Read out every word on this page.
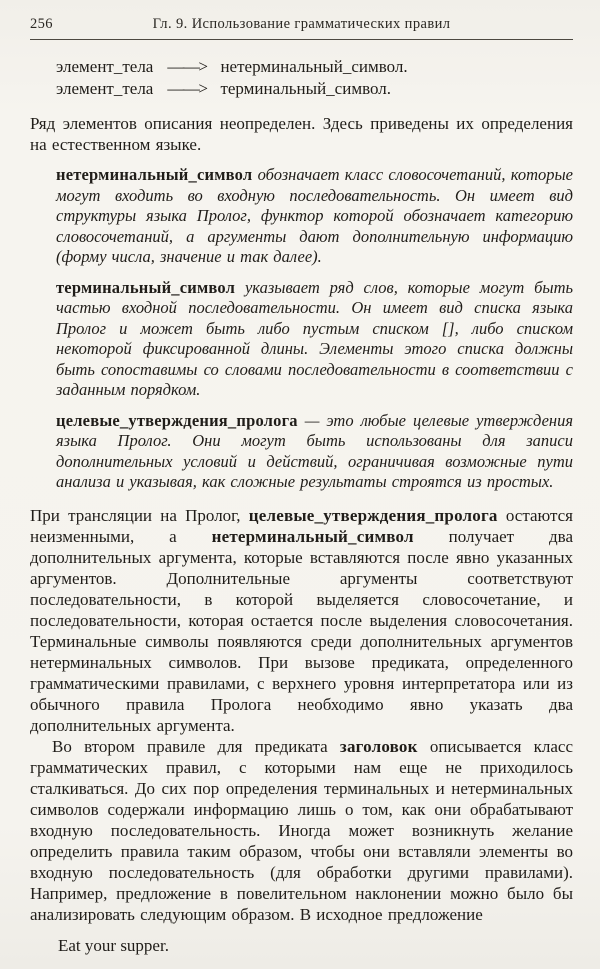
256	Гл. 9. Использование грамматических правил
элемент_тела ——> нетерминальный_символ.
элемент_тела ——> терминальный_символ.

Ряд элементов описания неопределен. Здесь приведены их определения на естественном языке.

нетерминальный_символ обозначает класс словосочетаний, которые могут входить во входную последовательность. Он имеет вид структуры языка Пролог, функтор которой обозначает категорию словосочетаний, а аргументы дают дополнительную информацию (форму числа, значение и так далее).

терминальный_символ указывает ряд слов, которые могут быть частью входной последовательности. Он имеет вид списка языка Пролог и может быть либо пустым списком [], либо списком некоторой фиксированной длины. Элементы этого списка должны быть сопоставимы со словами последовательности в соответствии с заданным порядком.

целевые_утверждения_пролога — это любые целевые утверждения языка Пролог. Они могут быть использованы для записи дополнительных условий и действий, ограничивая возможные пути анализа и указывая, как сложные результаты строятся из простых.

При трансляции на Пролог, целевые_утверждения_пролога остаются неизменными, а нетерминальный_символ получает два дополнительных аргумента, которые вставляются после явно указанных аргументов. Дополнительные аргументы соответствуют последовательности, в которой выделяется словосочетание, и последовательности, которая остается после выделения словосочетания. Терминальные символы появляются среди дополнительных аргументов нетерминальных символов. При вызове предиката, определенного грамматическими правилами, с верхнего уровня интерпретатора или из обычного правила Пролога необходимо явно указать два дополнительных аргумента.

Во втором правиле для предиката заголовок описывается класс грамматических правил, с которыми нам еще не приходилось сталкиваться. До сих пор определения терминальных и нетерминальных символов содержали информацию лишь о том, как они обрабатывают входную последовательность. Иногда может возникнуть желание определить правила таким образом, чтобы они вставляли элементы во входную последовательность (для обработки другими правилами). Например, предложение в повелительном наклонении можно было бы анализировать следующим образом. В исходное предложение

Eat your supper.
